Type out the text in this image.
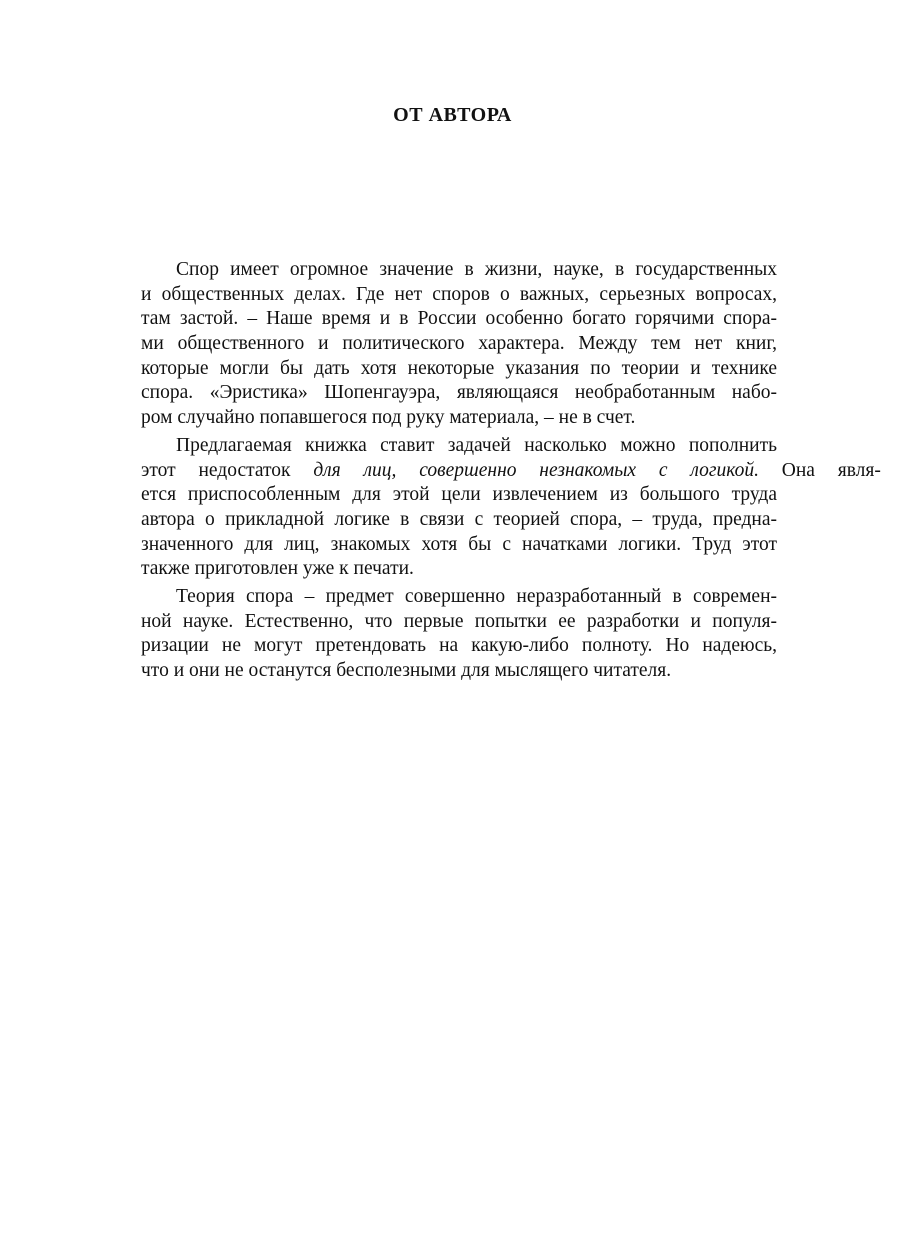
ОТ АВТОРА
Спор имеет огромное значение в жизни, науке, в государственных
и общественных делах. Где нет споров о важных, серьезных вопросах,
там застой. – Наше время и в России особенно богато горячими спора-
ми общественного и политического характера. Между тем нет книг,
которые могли бы дать хотя некоторые указания по теории и технике
спора. «Эристика» Шопенгауэра, являющаяся необработанным набо-
ром случайно попавшегося под руку материала, – не в счет.
Предлагаемая книжка ставит задачей насколько можно пополнить
этот недостаток для лиц, совершенно незнакомых с логикой. Она явля-
ется приспособленным для этой цели извлечением из большого труда
автора о прикладной логике в связи с теорией спора, – труда, предна-
значенного для лиц, знакомых хотя бы с начатками логики. Труд этот
также приготовлен уже к печати.
Теория спора – предмет совершенно неразработанный в современ-
ной науке. Естественно, что первые попытки ее разработки и популя-
ризации не могут претендовать на какую-либо полноту. Но надеюсь,
что и они не останутся бесполезными для мыслящего читателя.
